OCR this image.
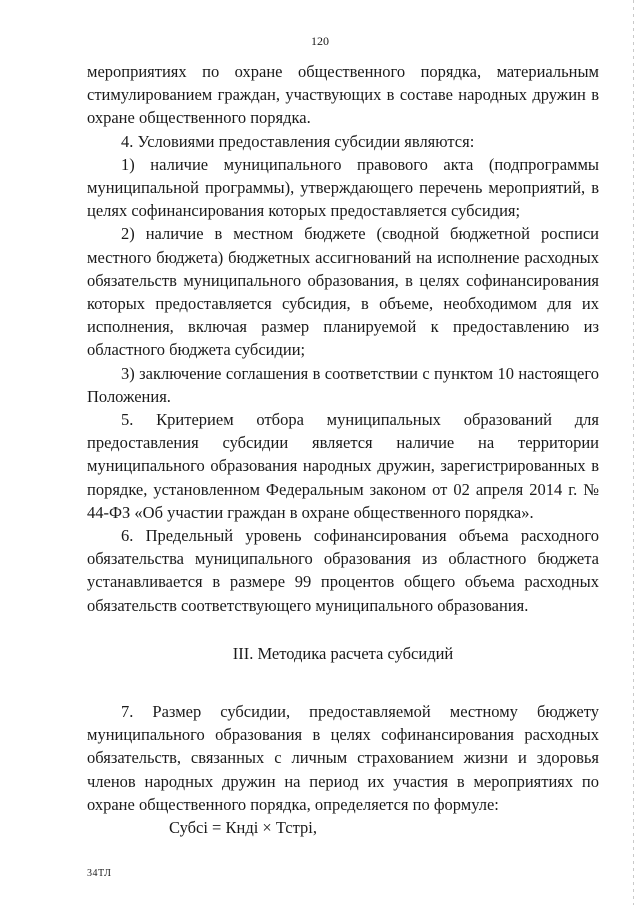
120

мероприятиях по охране общественного порядка, материальным стимулированием граждан, участвующих в составе народных дружин в охране общественного порядка.

4. Условиями предоставления субсидии являются:

1) наличие муниципального правового акта (подпрограммы муниципальной программы), утверждающего перечень мероприятий, в целях софинансирования которых предоставляется субсидия;

2) наличие в местном бюджете (сводной бюджетной росписи местного бюджета) бюджетных ассигнований на исполнение расходных обязательств муниципального образования, в целях софинансирования которых предоставляется субсидия, в объеме, необходимом для их исполнения, включая размер планируемой к предоставлению из областного бюджета субсидии;

3) заключение соглашения в соответствии с пунктом 10 настоящего Положения.

5. Критерием отбора муниципальных образований для предоставления субсидии является наличие на территории муниципального образования народных дружин, зарегистрированных в порядке, установленном Федеральным законом от 02 апреля 2014 г. № 44-ФЗ «Об участии граждан в охране общественного порядка».

6. Предельный уровень софинансирования объема расходного обязательства муниципального образования из областного бюджета устанавливается в размере 99 процентов общего объема расходных обязательств соответствующего муниципального образования.

III. Методика расчета субсидий

7. Размер субсидии, предоставляемой местному бюджету муниципального образования в целях софинансирования расходных обязательств, связанных с личным страхованием жизни и здоровья членов народных дружин на период их участия в мероприятиях по охране общественного порядка, определяется по формуле:

Субсi = Кндi × Тстрi,

34ТЛ
